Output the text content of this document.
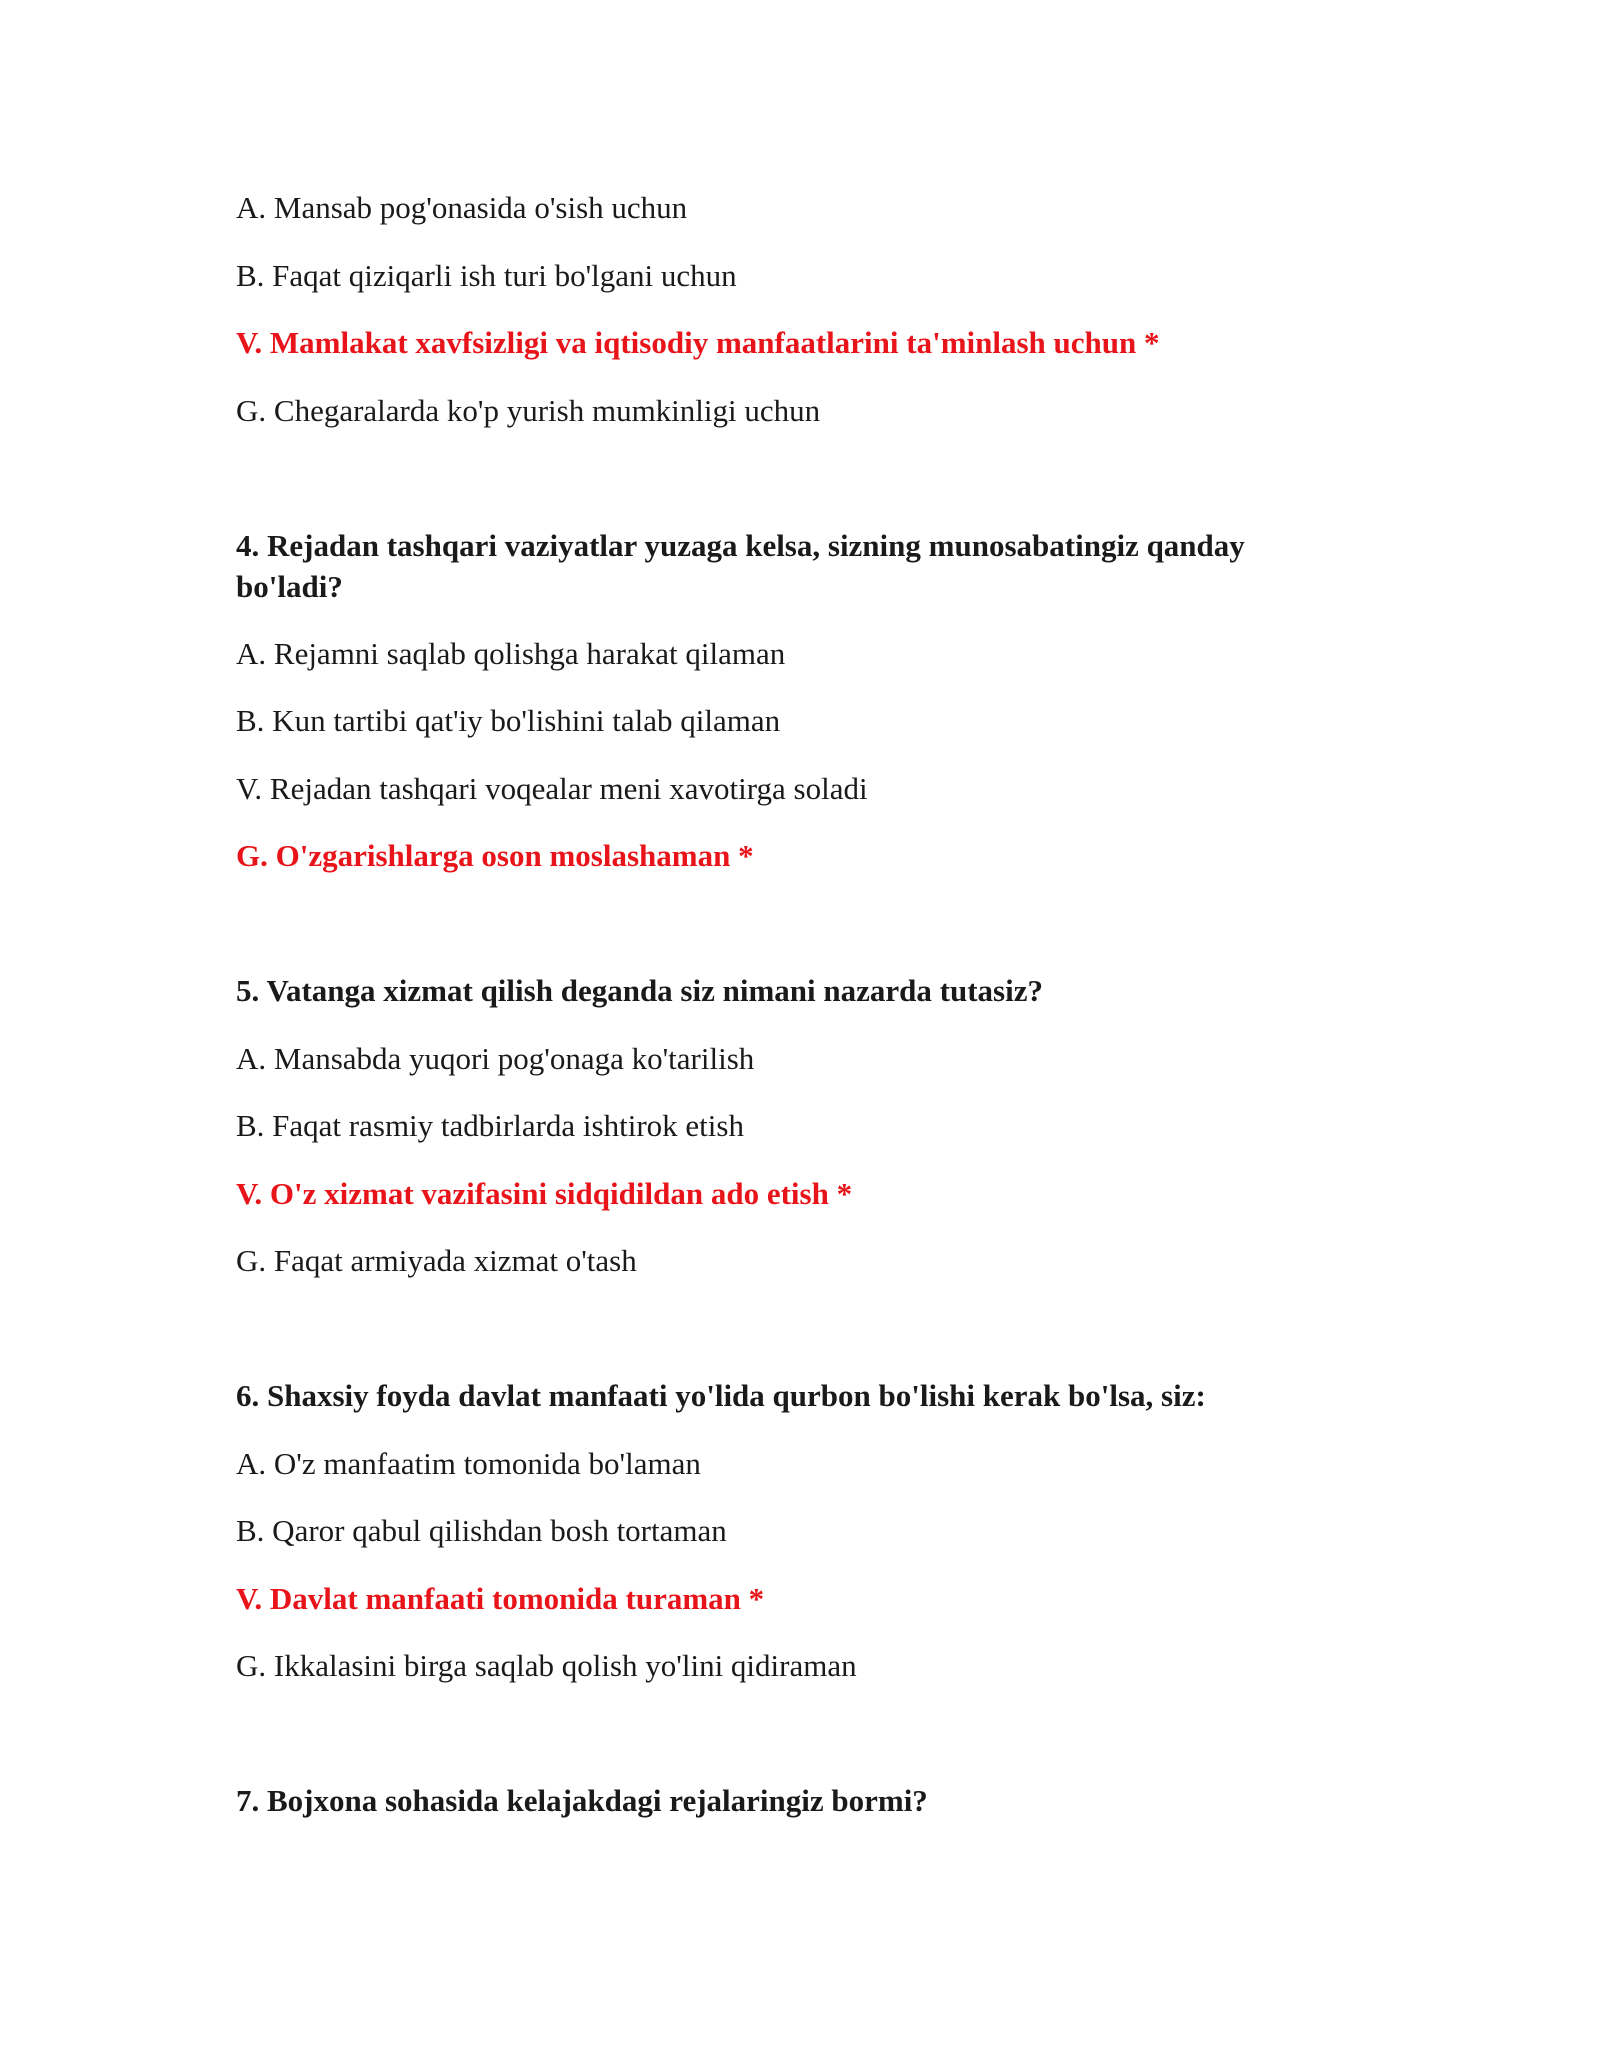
A. Mansab pog'onasida o'sish uchun
B. Faqat qiziqarli ish turi bo'lgani uchun
V. Mamlakat xavfsizligi va iqtisodiy manfaatlarini ta'minlash uchun *
G. Chegaralarda ko'p yurish mumkinligi uchun
4. Rejadan tashqari vaziyatlar yuzaga kelsa, sizning munosabatingiz qanday bo'ladi?
A. Rejamni saqlab qolishga harakat qilaman
B. Kun tartibi qat'iy bo'lishini talab qilaman
V. Rejadan tashqari voqealar meni xavotirga soladi
G. O'zgarishlarga oson moslashaman *
5. Vatanga xizmat qilish deganda siz nimani nazarda tutasiz?
A. Mansabda yuqori pog'onaga ko'tarilish
B. Faqat rasmiy tadbirlarda ishtirok etish
V. O'z xizmat vazifasini sidqidildan ado etish *
G. Faqat armiyada xizmat o'tash
6. Shaxsiy foyda davlat manfaati yo'lida qurbon bo'lishi kerak bo'lsa, siz:
A. O'z manfaatim tomonida bo'laman
B. Qaror qabul qilishdan bosh tortaman
V. Davlat manfaati tomonida turaman *
G. Ikkalasini birga saqlab qolish yo'lini qidiraman
7. Bojxona sohasida kelajakdagi rejalaringiz bormi?
